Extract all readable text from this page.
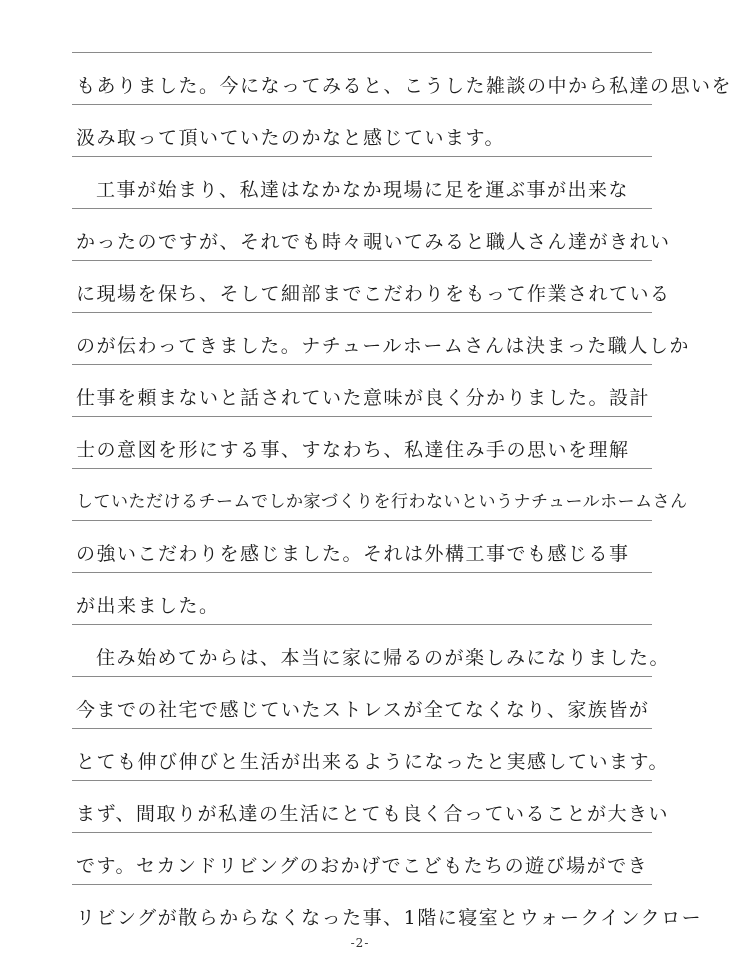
もありました。今になってみると、こうした雑談の中から私達の思いを
汲み取って頂いていたのかなと感じています。
工事が始まり、私達はなかなか現場に足を運ぶ事が出来な
かったのですが、それでも時々覗いてみると職人さん達がきれい
に現場を保ち、そして細部までこだわりをもって作業されている
のが伝わってきました。ナチュールホームさんは決まった職人しか
仕事を頼まないと話されていた意味が良く分かりました。設計
士の意図を形にする事、すなわち、私達住み手の思いを理解
していただけるチームでしか家づくりを行わないというナチュールホームさん
の強いこだわりを感じました。それは外構工事でも感じる事
が出来ました。
住み始めてからは、本当に家に帰るのが楽しみになりました。
今までの社宅で感じていたストレスが全てなくなり、家族皆が
とても伸び伸びと生活が出来るようになったと実感しています。
まず、間取りが私達の生活にとても良く合っていることが大きい
です。セカンドリビングのおかげでこどもたちの遊び場ができ
リビングが散らからなくなった事、1階に寝室とウォークインクロー
-2-
